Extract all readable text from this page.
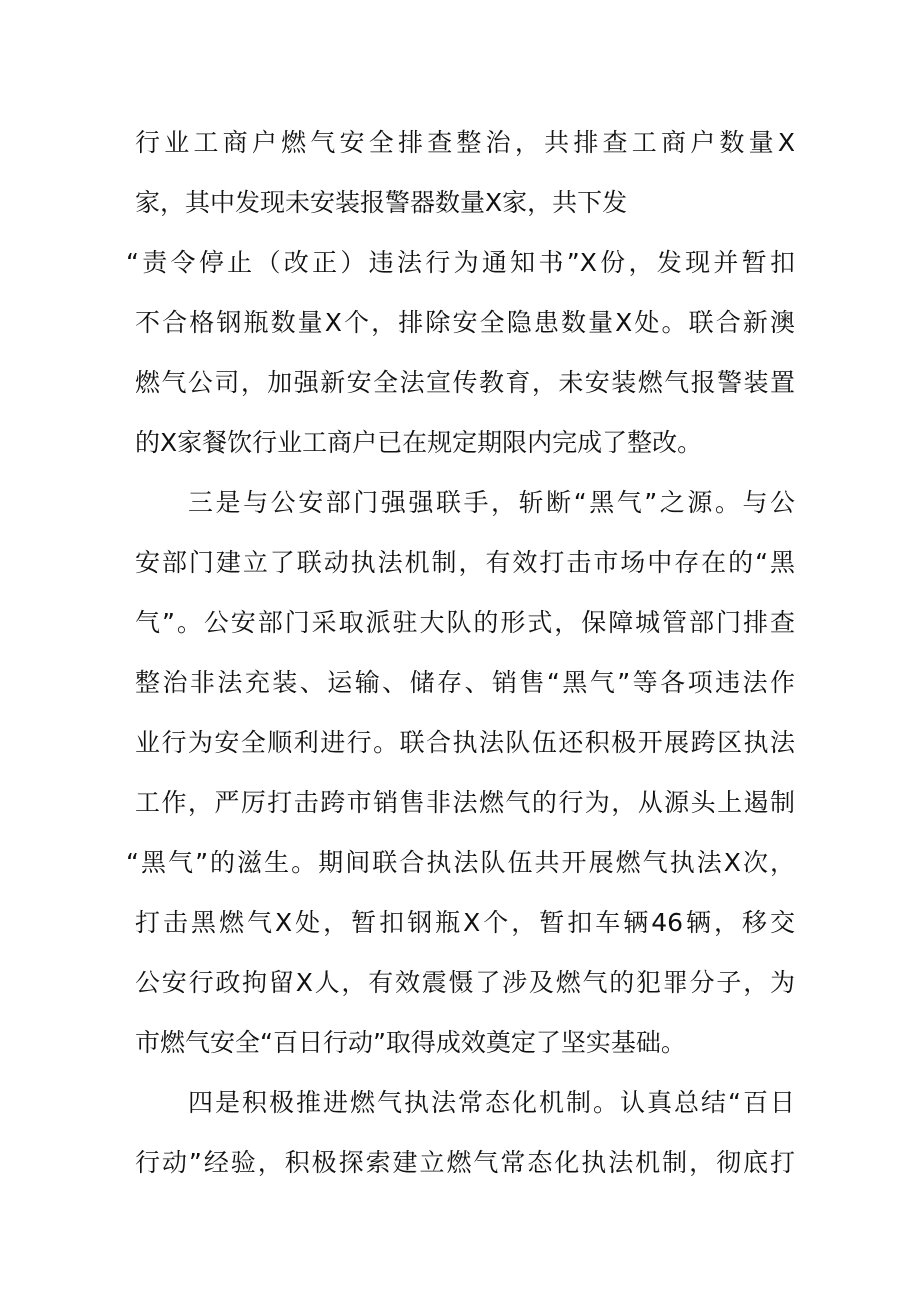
行业工商户燃气安全排查整治，共排查工商户数量X
家，其中发现未安装报警器数量X家，共下发
“责令停止（改正）违法行为通知书”X份，发现并暂扣
不合格钢瓶数量X个，排除安全隐患数量X处。联合新澳
燃气公司，加强新安全法宣传教育，未安装燃气报警装置
的X家餐饮行业工商户已在规定期限内完成了整改。
三是与公安部门强强联手，斩断“黑气”之源。与公
安部门建立了联动执法机制，有效打击市场中存在的“黑
气”。公安部门采取派驻大队的形式，保障城管部门排查
整治非法充装、运输、储存、销售“黑气”等各项违法作
业行为安全顺利进行。联合执法队伍还积极开展跨区执法
工作，严厉打击跨市销售非法燃气的行为，从源头上遏制
“黑气”的滋生。期间联合执法队伍共开展燃气执法X次，
打击黑燃气X处，暂扣钢瓶X个，暂扣车辆46辆，移交
公安行政拘留X人，有效震慑了涉及燃气的犯罪分子，为
市燃气安全“百日行动”取得成效奠定了坚实基础。
四是积极推进燃气执法常态化机制。认真总结“百日
行动”经验，积极探索建立燃气常态化执法机制，彻底打
